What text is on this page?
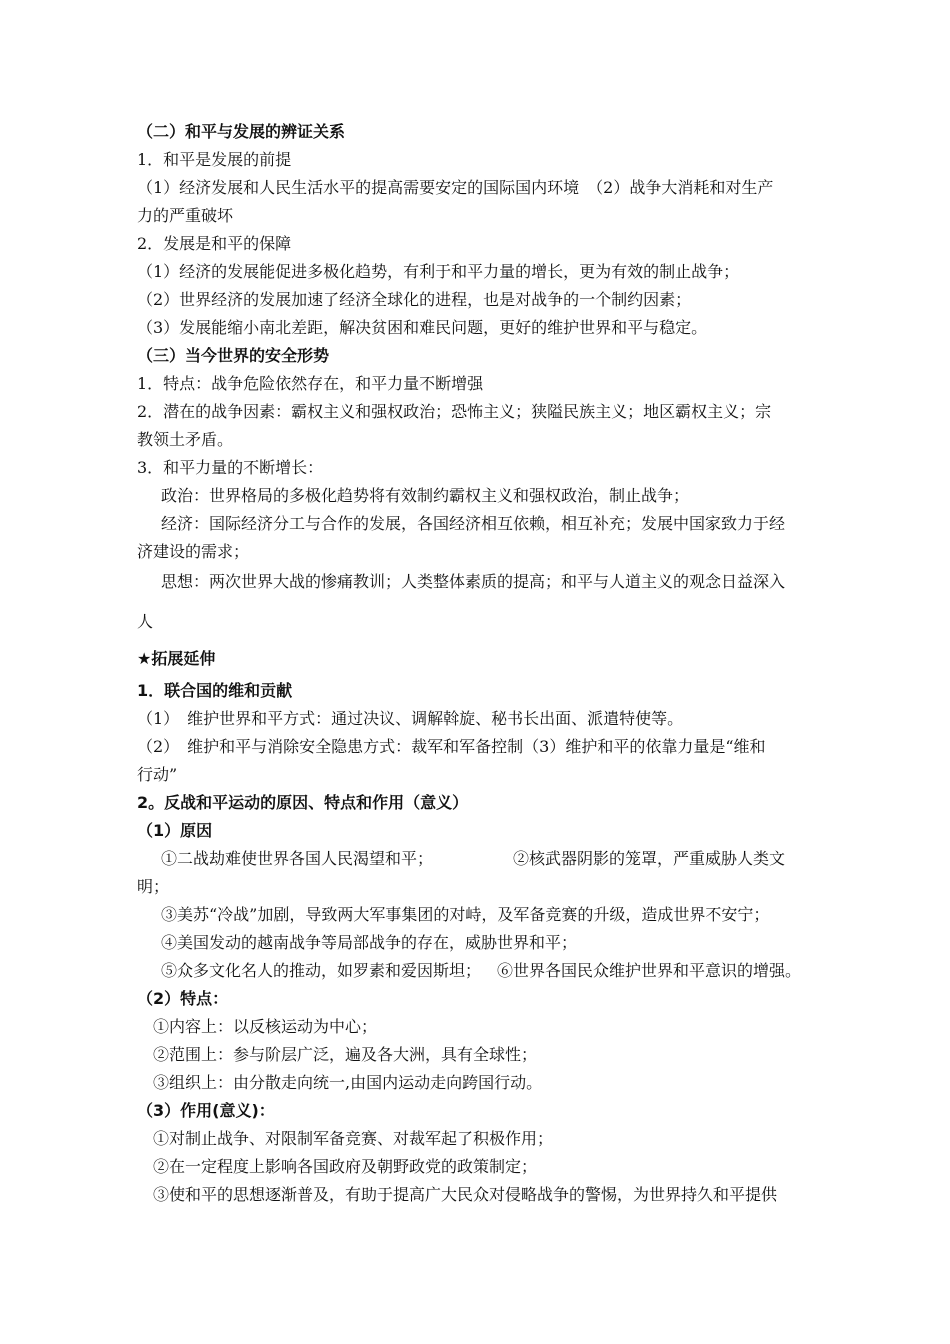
（二）和平与发展的辨证关系
1．和平是发展的前提
（1）经济发展和人民生活水平的提高需要安定的国际国内环境　（2）战争大消耗和对生产
力的严重破坏
2．发展是和平的保障
（1）经济的发展能促进多极化趋势，有利于和平力量的增长，更为有效的制止战争；
（2）世界经济的发展加速了经济全球化的进程，也是对战争的一个制约因素；
（3）发展能缩小南北差距，解决贫困和难民问题，更好的维护世界和平与稳定。
（三）当今世界的安全形势
1．特点：战争危险依然存在，和平力量不断增强
2．潜在的战争因素：霸权主义和强权政治；恐怖主义；狭隘民族主义；地区霸权主义；宗
教领土矛盾。
3．和平力量的不断增长：
政治：世界格局的多极化趋势将有效制约霸权主义和强权政治，制止战争；
经济：国际经济分工与合作的发展，各国经济相互依赖，相互补充；发展中国家致力于经
济建设的需求；
思想：两次世界大战的惨痛教训；人类整体素质的提高；和平与人道主义的观念日益深入
人
★拓展延伸
1．联合国的维和贡献
（1）　维护世界和平方式：通过决议、调解斡旋、秘书长出面、派遣特使等。
（2）　维护和平与消除安全隐患方式：裁军和军备控制（3）维护和平的依靠力量是“维和
行动”
2。反战和平运动的原因、特点和作用（意义）
（1）原因
①二战劫难使世界各国人民渴望和平；	②核武器阴影的笼罩，严重威胁人类文
明；
③美苏“冷战”加剧，导致两大军事集团的对峙，及军备竞赛的升级，造成世界不安宁；
④美国发动的越南战争等局部战争的存在，威胁世界和平；
⑤众多文化名人的推动，如罗素和爱因斯坦； ⑥世界各国民众维护世界和平意识的增强。
（2）特点：
①内容上：以反核运动为中心；
②范围上：参与阶层广泛，遍及各大洲，具有全球性；
③组织上：由分散走向统一,由国内运动走向跨国行动。
（3）作用(意义)：
①对制止战争、对限制军备竞赛、对裁军起了积极作用；
②在一定程度上影响各国政府及朝野政党的政策制定；
③使和平的思想逐渐普及，有助于提高广大民众对侵略战争的警惕，为世界持久和平提供
